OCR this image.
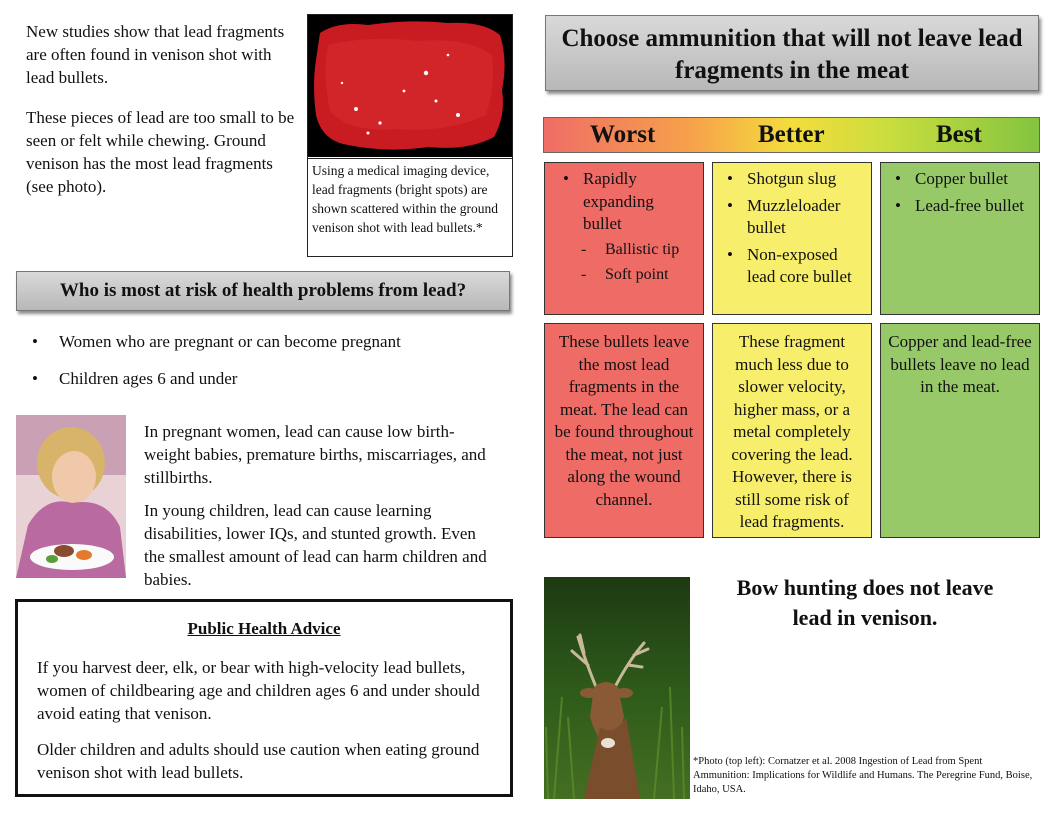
New studies show that lead fragments are often found in venison shot with lead bullets.

These pieces of lead are too small to be seen or felt while chewing. Ground venison has the most lead fragments (see photo).

Using a medical imaging device, lead fragments (bright spots) are shown scattered within the ground venison shot with lead bullets.*
Who is most at risk of health problems from lead?
• Women who are pregnant or can become pregnant
• Children ages 6 and under

In pregnant women, lead can cause low birth-weight babies, premature births, miscarriages, and stillbirths.

In young children, lead can cause learning disabilities, lower IQs, and stunted growth. Even the smallest amount of lead can harm children and babies.

Public Health Advice

If you harvest deer, elk, or bear with high-velocity lead bullets, women of childbearing age and children ages 6 and under should avoid eating that venison.

Older children and adults should use caution when eating ground venison shot with lead bullets.

Choose ammunition that will not leave lead fragments in the meat
Worst	Better	Best
• Rapidly expanding bullet
- Ballistic tip
- Soft point
• Shotgun slug
• Muzzleloader bullet
• Non-exposed lead core bullet
• Copper bullet
• Lead-free bullet
These bullets leave the most lead fragments in the meat. The lead can be found throughout the meat, not just along the wound channel.
These fragment much less due to slower velocity, higher mass, or a metal completely covering the lead. However, there is still some risk of lead fragments.
Copper and lead-free bullets leave no lead in the meat.
Bow hunting does not leave
lead in venison.
*Photo (top left): Cornatzer et al. 2008 Ingestion of Lead from Spent Ammunition: Implications for Wildlife and Humans. The Peregrine Fund, Boise, Idaho, USA.
